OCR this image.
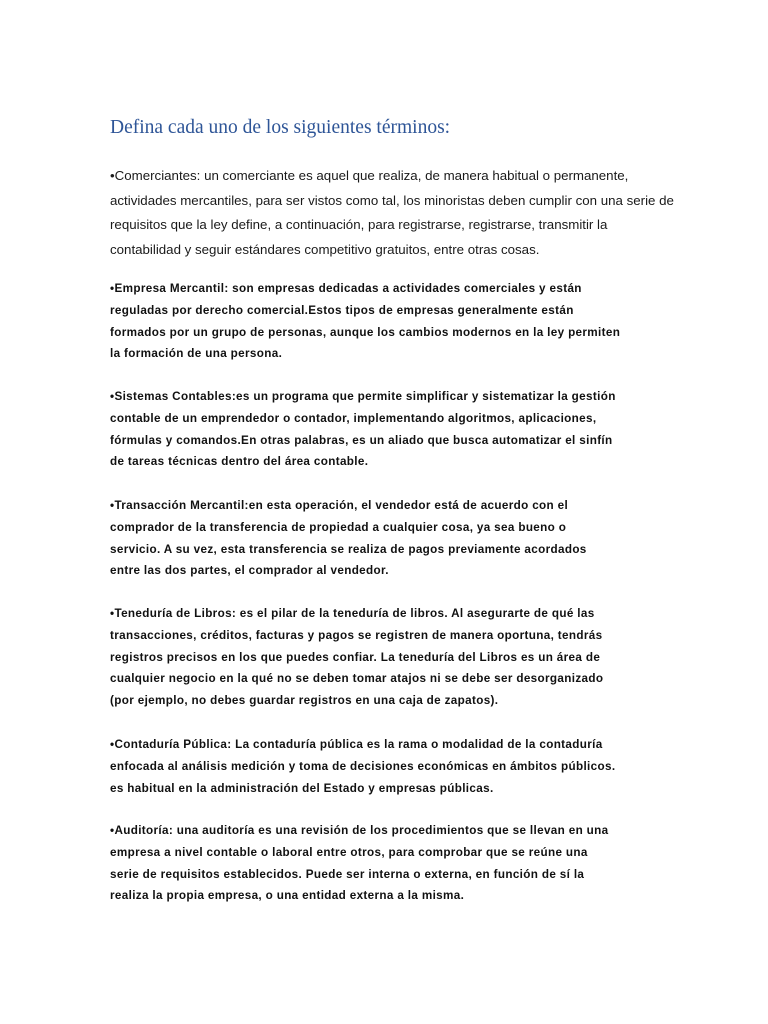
Defina cada uno de los siguientes términos:

•Comerciantes: un comerciante es aquel que realiza, de manera habitual o permanente,
actividades mercantiles, para ser vistos como tal, los minoristas deben cumplir con una serie de
requisitos que la ley define, a continuación, para registrarse, registrarse, transmitir la
contabilidad y seguir estándares competitivo gratuitos, entre otras cosas.

•Empresa Mercantil: son empresas dedicadas a actividades comerciales y están
reguladas por derecho comercial.Estos tipos de empresas generalmente están
formados por un grupo de personas, aunque los cambios modernos en la ley permiten
la formación de una persona.

•Sistemas Contables:es un programa que permite simplificar y sistematizar la gestión
contable de un emprendedor o contador, implementando algoritmos, aplicaciones,
fórmulas y comandos.En otras palabras, es un aliado que busca automatizar el sinfín
de tareas técnicas dentro del área contable.

•Transacción Mercantil:en esta operación, el vendedor está de acuerdo con el
comprador de la transferencia de propiedad a cualquier cosa, ya sea bueno o
servicio. A su vez, esta transferencia se realiza de pagos previamente acordados
entre las dos partes, el comprador al vendedor.

•Teneduría de Libros: es el pilar de la teneduría de libros. Al asegurarte de qué las
transacciones, créditos, facturas y pagos se registren de manera oportuna, tendrás
registros precisos en los que puedes confiar. La teneduría del Libros es un área de
cualquier negocio en la qué no se deben tomar atajos ni se debe ser desorganizado
(por ejemplo, no debes guardar registros en una caja de zapatos).

•Contaduría Pública: La contaduría pública es la rama o modalidad de la contaduría
enfocada al análisis medición y toma de decisiones económicas en ámbitos públicos.
es habitual en la administración del Estado y empresas públicas.

•Auditoría: una auditoría es una revisión de los procedimientos que se llevan en una
empresa a nivel contable o laboral entre otros, para comprobar que se reúne una
serie de requisitos establecidos. Puede ser interna o externa, en función de sí la
realiza la propia empresa, o una entidad externa a la misma.
